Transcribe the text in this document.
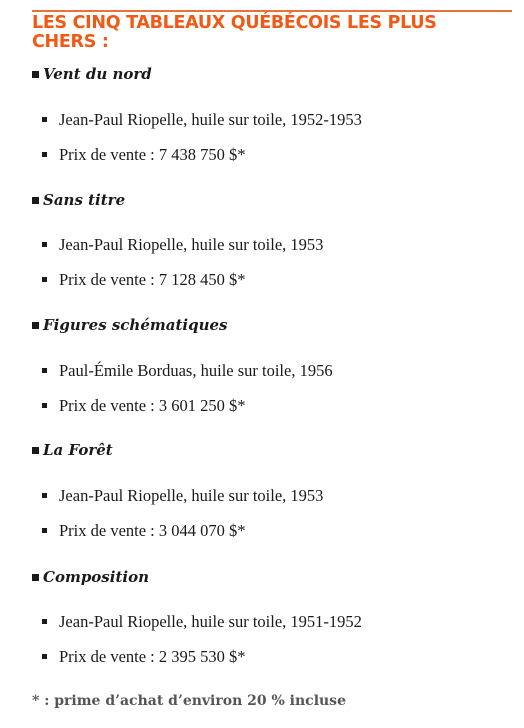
LES CINQ TABLEAUX QUÉBÉCOIS LES PLUS CHERS :

Vent du nord

Jean-Paul Riopelle, huile sur toile, 1952-1953

Prix de vente : 7 438 750 $*

Sans titre

Jean-Paul Riopelle, huile sur toile, 1953

Prix de vente : 7 128 450 $*

Figures schématiques

Paul-Émile Borduas, huile sur toile, 1956

Prix de vente : 3 601 250 $*

La Forêt

Jean-Paul Riopelle, huile sur toile, 1953

Prix de vente : 3 044 070 $*

Composition

Jean-Paul Riopelle, huile sur toile, 1951-1952

Prix de vente : 2 395 530 $*

* : prime d’achat d’environ 20 % incluse
